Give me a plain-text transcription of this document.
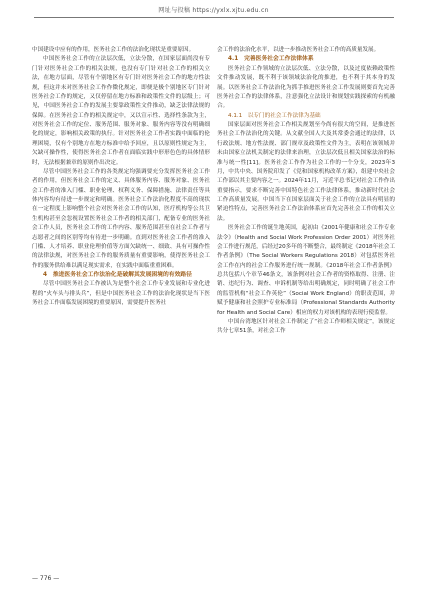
网址与投稿 https://yxlx.xjtu.edu.cn

中国建设中应有的作用，医务社会工作的法治化现状是重要原因。

中国医务社会工作的立法层次低，立法分散，在国家层面尚没有专门针对医务社会工作的相关法规，也没有专门针对社会工作的相关立法，在地方层面，尽管有个别地区有专门针对医务社会工作的地方性法规，但这并未对医务社会工作作微化规定，即便是极个别地区专门针对医务社会工作的规定，又仅停留在地方标准和政策性文件的层级上；可见，中国医务社会工作的发展主要靠政策性文件推动，缺乏法律法规的保障。在医务社会工作的相关规定中，又以宣示性、选择性条款为主，对医务社会工作的定位、服务范围、服务对象、服务内容等没有明确细化的规定，影响相关政策的执行。针对医务社会工作者实践中面临的伦理困境，仅有个别地方在地方标准中给予回应，且以原则性规定为主，欠缺可操作性，使得医务社会工作者在面临实践中形形色色的具体情形时，无法根据兼章的原则作出决定。

尽管中国医务社会工作的各类规定均强调要充分发挥医务社会工作者的作用，但医务社会工作的定义、具体服务内容、服务对象、医务社会工作者的准入门槛、职业伦理、权利义务、保障措施、法律责任等具体内容均有待进一步规定和明确。医务社会工作法治化程度不高的现状在一定程度上影响整个社会对医务社会工作的认知，医疗机构等公共卫生机构甚至会忽视设置医务社会工作者的相关部门，配备专业的医务社会工作人员，医务社会工作的工作内容、服务范围甚至在社会工作者与志愿者之间的区别等均有待进一步明确。直到对医务社会工作者的准入门槛、人才培养、职业伦理价值等方面欠缺统一、细致、具有可操作性的法律法规，对医务社会工作的服务质量有重要影响，使得医务社会工作的服务供给难以满足现实需求，在实践中面临重重困难。

4　推进医务社会工作法治化是破解其发展困境的有效路径

尽管中国医务社会工作被认为是整个社会工作专业发展和专业化进程的“火车头与排头兵”，但是中国医务社会工作的法治化现状是当下医务社会工作面临发展困境的重要原因，需要提升医务社

会工作的法治化水平，以进一步推动医务社会工作的高质量发展。

4.1　完善医务社会工作法律体系

医务社会工作领域的立法层次低、立法分散，以及过度依赖政策性文件推动发展，既不利于该领域法治化的推进，也不利于其本身的发展。以医务社会工作法治化为抓手推进医务社会工作发展则要首先完善医务社会工作的法律体系，注意强化立法设计和规划实践探索的有机融合。

4.1.1　以专门的社会工作法律为基础

国家层面对医务社会工作相关规划至今尚有很大的空间，是推进医务社会工作法治化的关键。从文献全国人大及其常委会通过的法律，以行政法规、地方性法规、部门规章及政策性文件为主，表明在该领域并未由国家立法机关制定的法律来治理，立法层次低且相关国家法治的标准与统一性[11]。医务社会工作作为社会工作的一个分支，2023年3月，中共中央、国务院印发了《党和国家机构改革方案》，组建中央社会工作部以其主要内容之一。2024年11月，习近平总书记对社会工作作出重要指示，要求不断完善中国特色社会工作法律体系，推动新时代社会工作高质量发展。中国当下在国家层面关于社会工作的立法具有明显的紧迫性特点，完善医务社会工作法治体系应首先完善社会工作的相关立法。

医务社会工作的诞生地英国，起初由《2001年健康和社会工作专业法令》（Health and Social Work Profession Order 2001）对医务社会工作进行规范，后经过20多年的不断整合，最终制定《2018年社会工作者条例》（The Social Workers Regulations 2018）对包括医务社会工作在内的社会工作服务进行统一规制。《2018年社会工作者条例》总共包括八个章节46条文，该条例对社会工作者的资格取得、注册、注销、违纪行为、调查、申诉机制等给出明确规定，同时明确了社会工作的监管机构“社会工作英伦”（Social Work England）的职责范围，并赋予健康和社会照护专业标准局（Professional Standards Authority for Health and Social Care）相应的权力对该机构的表现行使监督。

中国台湾地区针对社会工作制定了“社会工作师相关规定”，该规定共分七章51条，对社会工作

— 776 —
